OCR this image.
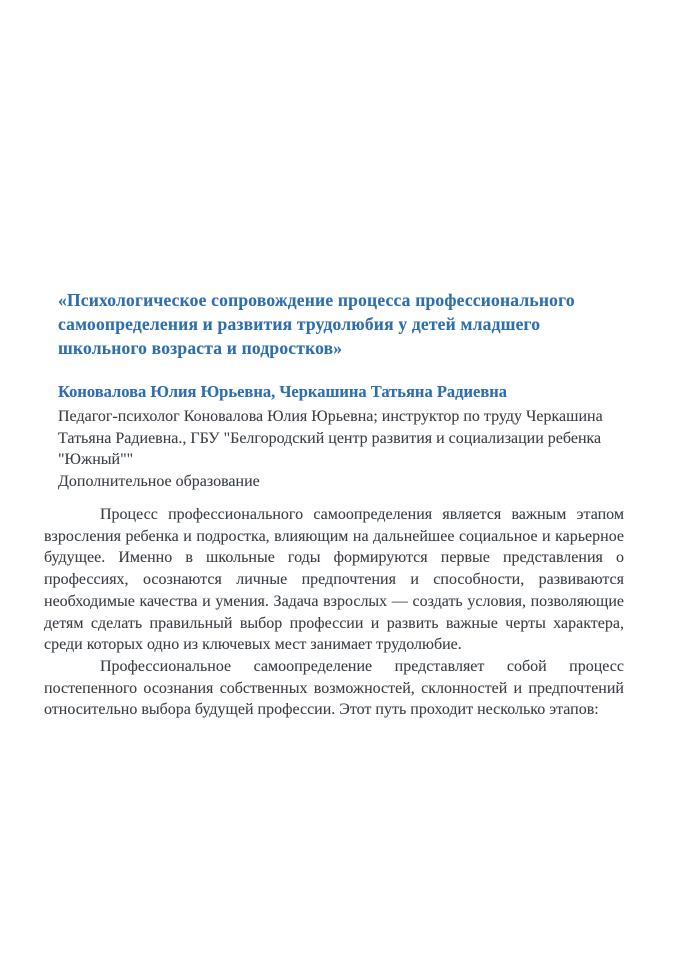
«Психологическое сопровождение процесса профессионального самоопределения и развития трудолюбия у детей младшего школьного возраста и подростков»
Коновалова Юлия Юрьевна, Черкашина Татьяна Радиевна
Педагог-психолог Коновалова Юлия Юрьевна; инструктор по труду Черкашина Татьяна Радиевна., ГБУ "Белгородский центр развития и социализации ребенка "Южный""
Дополнительное образование

Процесс профессионального самоопределения является важным этапом взросления ребенка и подростка, влияющим на дальнейшее социальное и карьерное будущее. Именно в школьные годы формируются первые представления о профессиях, осознаются личные предпочтения и способности, развиваются необходимые качества и умения. Задача взрослых — создать условия, позволяющие детям сделать правильный выбор профессии и развить важные черты характера, среди которых одно из ключевых мест занимает трудолюбие.

Профессиональное самоопределение представляет собой процесс постепенного осознания собственных возможностей, склонностей и предпочтений относительно выбора будущей профессии. Этот путь проходит несколько этапов:
